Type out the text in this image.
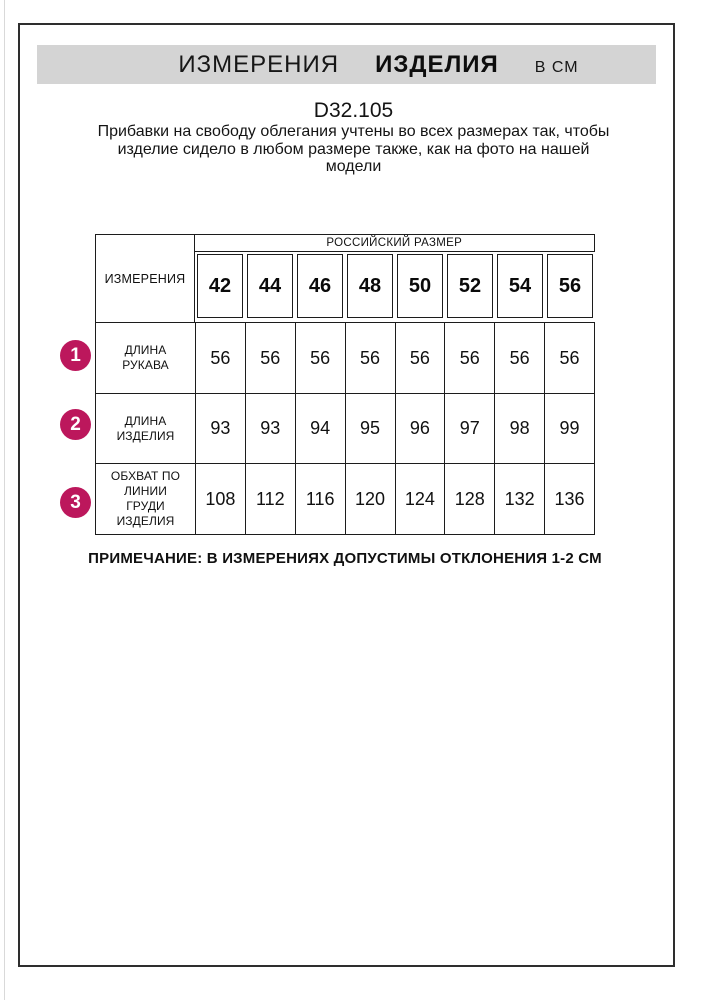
ИЗМЕРЕНИЯ ИЗДЕЛИЯ В СМ
D32.105
Прибавки на свободу облегания учтены во всех размерах так, чтобы
изделие сидело в любом размере также, как на фото на нашей
модели
ИЗМЕРЕНИЯ
РОССИЙСКИЙ РАЗМЕР
42	44	46	48	50	52	54	56
ДЛИНА РУКАВА	56	56	56	56	56	56	56	56
ДЛИНА ИЗДЕЛИЯ	93	93	94	95	96	97	98	99
ОБХВАТ ПО ЛИНИИ ГРУДИ ИЗДЕЛИЯ	108	112	116	120	124	128	132	136
1
2
3
ПРИМЕЧАНИЕ: В ИЗМЕРЕНИЯХ ДОПУСТИМЫ ОТКЛОНЕНИЯ 1-2 СМ
